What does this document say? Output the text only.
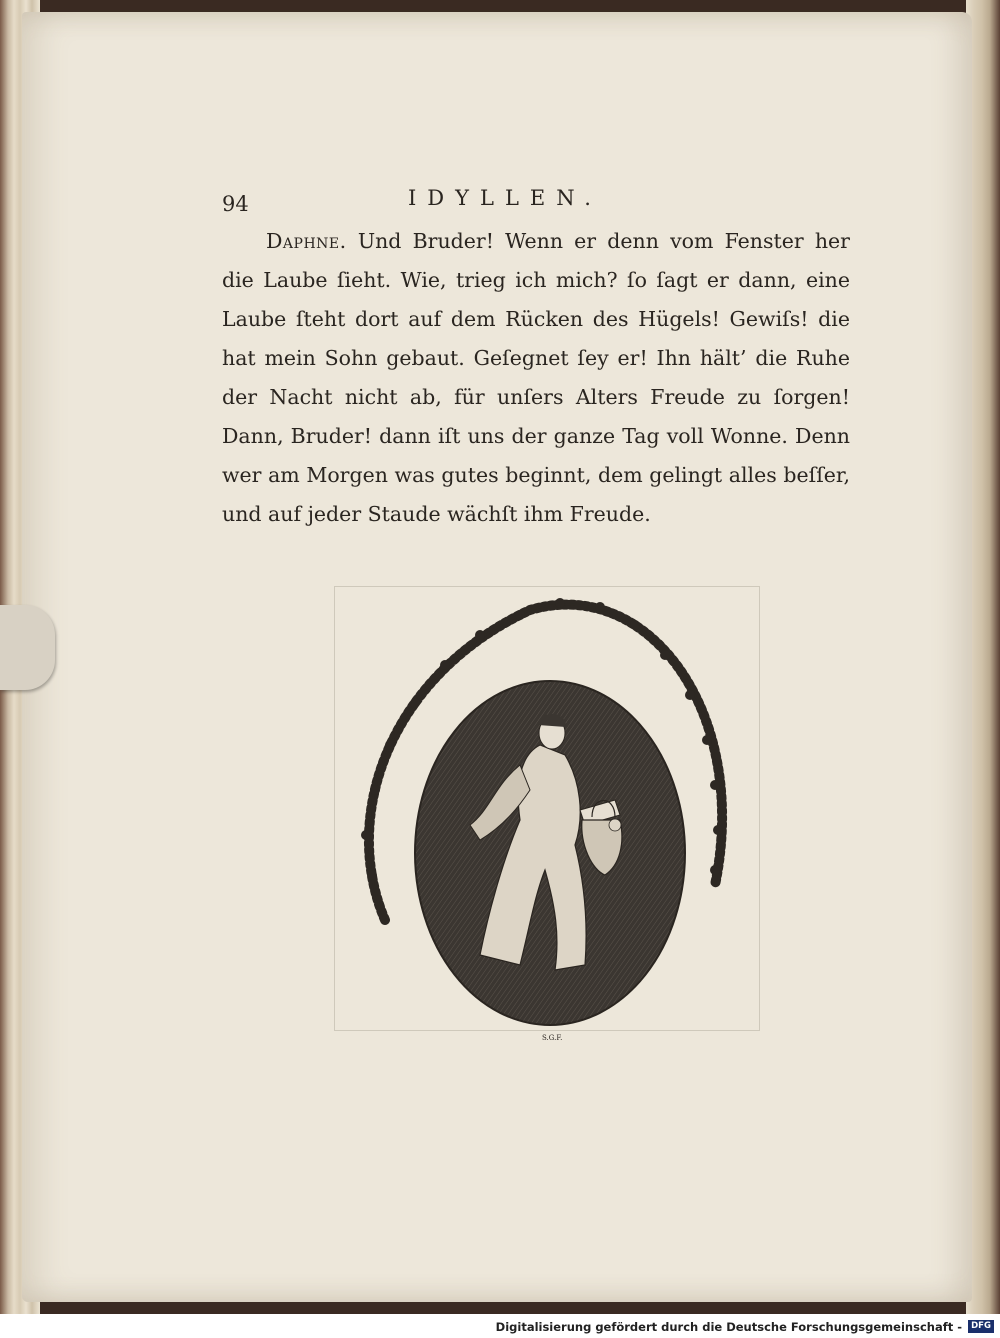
94	IDYLLEN.

Daphne. Und Bruder! Wenn er denn vom Fenster her die Laube ſieht. Wie, trieg ich mich? ſo ſagt er dann, eine Laube ſteht dort auf dem Rücken des Hügels! Gewiſs! die hat mein Sohn gebaut. Geſegnet ſey er! Ihn hält’ die Ruhe der Nacht nicht ab, für unſers Alters Freude zu ſorgen! Dann, Bruder! dann iſt uns der ganze Tag voll Wonne. Denn wer am Morgen was gutes beginnt, dem gelingt alles beſſer, und auf jeder Staude wächſt ihm Freude.

S.G.F.
Digitalisierung gefördert durch die Deutsche Forschungsgemeinschaft -	DFG
